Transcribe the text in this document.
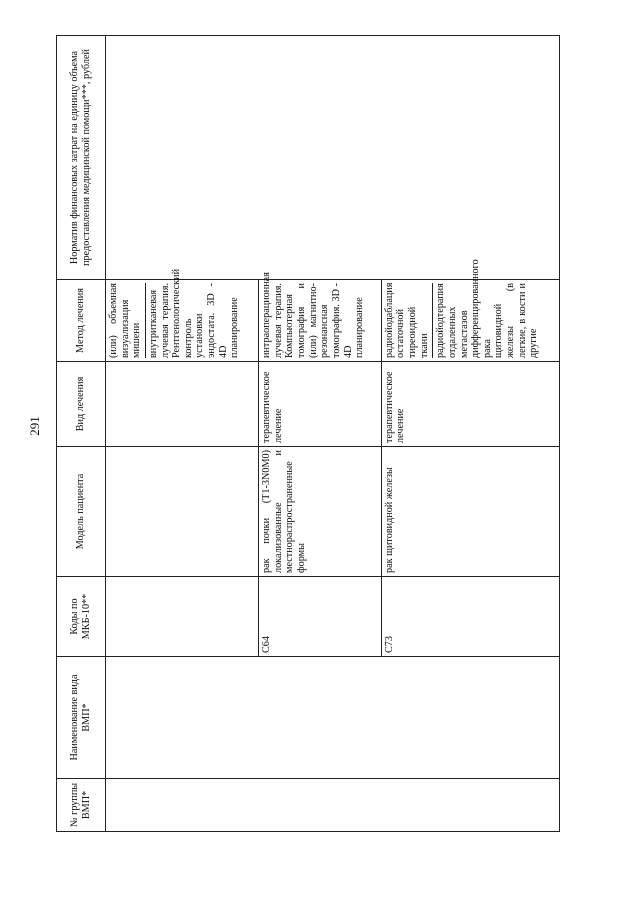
291
№ группы ВМП*	Наименование вида ВМП*	Коды по МКБ-10**	Модель пациента	Вид лечения	Метод лечения	Норматив финансовых затрат на единицу объема предоставления медицинской помощи***, рублей

					(или) объемная визуализация мишени внутритканевая лучевая терапия. Рентгенологический контроль установки эндостата. 3D - 4D планирование	

		C64	рак почки (T1-3N0M0) локализованные и местнораспространенные формы	терапевтическое лечение	интраоперационная лучевая терапия. Компьютерная томография и (или) магнитно-резонансная томография. 3D - 4D планирование	

		C73	рак щитовидной железы	терапевтическое лечение	радиойодаблация остаточной тиреоидной ткани радиойодтерапия отдаленных метастазов дифференцированного рака щитовидной железы (в легкие, в кости и другие	
